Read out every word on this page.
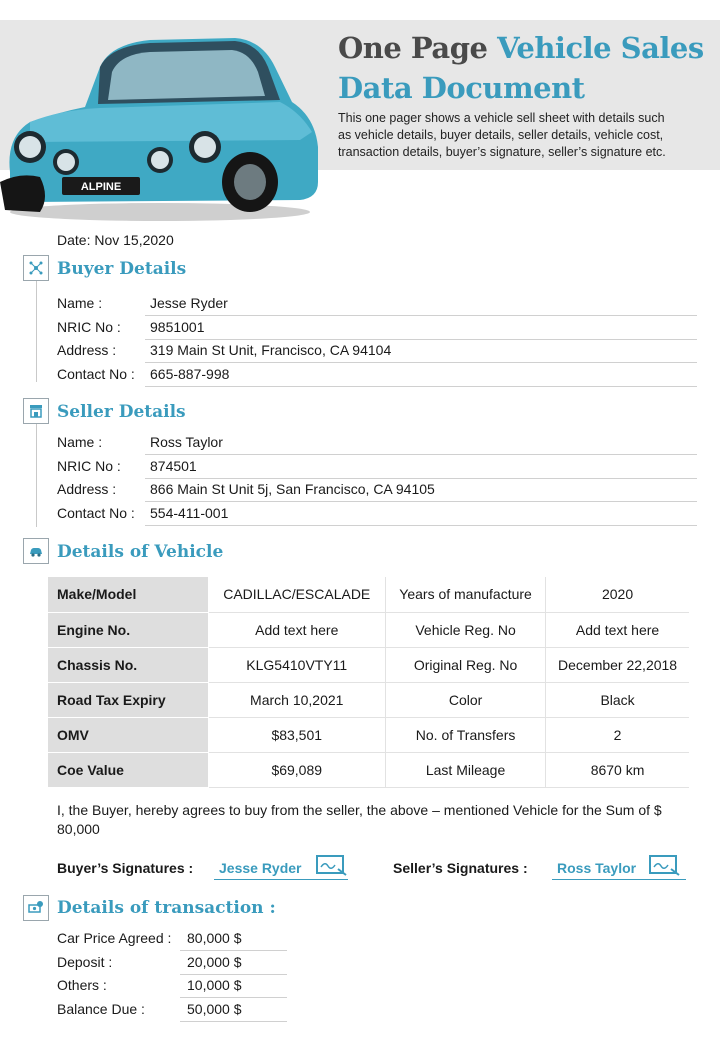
ALPINE
One Page Vehicle Sales
Data Document
This one pager shows a vehicle sell sheet with details such as vehicle details, buyer details, seller details, vehicle cost, transaction details, buyer’s signature, seller’s signature etc.
Date: Nov 15,2020
Buyer Details
Name :	Jesse Ryder
NRIC No : 9851001
Address : 319 Main St Unit, Francisco, CA 94104
Contact No : 665-887-998
Seller Details
Name :	Ross Taylor
NRIC No : 874501
Address : 866 Main St Unit 5j, San Francisco, CA 94105
Contact No : 554-411-001
Details of Vehicle
Make/Model	CADILLAC/ESCALADE	Years of manufacture	2020
Engine No.	Add text here	Vehicle Reg. No	Add text here
Chassis No.	KLG5410VTY11	Original Reg. No	December 22,2018
Road Tax Expiry	March 10,2021	Color	Black
OMV	$83,501	No. of Transfers	2
Coe Value	$69,089	Last Mileage	8670 km
I, the Buyer, hereby agrees to buy from the seller, the above – mentioned Vehicle for the Sum of $ 80,000
Buyer’s Signatures : Jesse Ryder	Seller’s Signatures : Ross Taylor
Details of transaction :
Car Price Agreed : 80,000 $
Deposit :	20,000 $
Others :	10,000 $
Balance Due :	50,000 $
